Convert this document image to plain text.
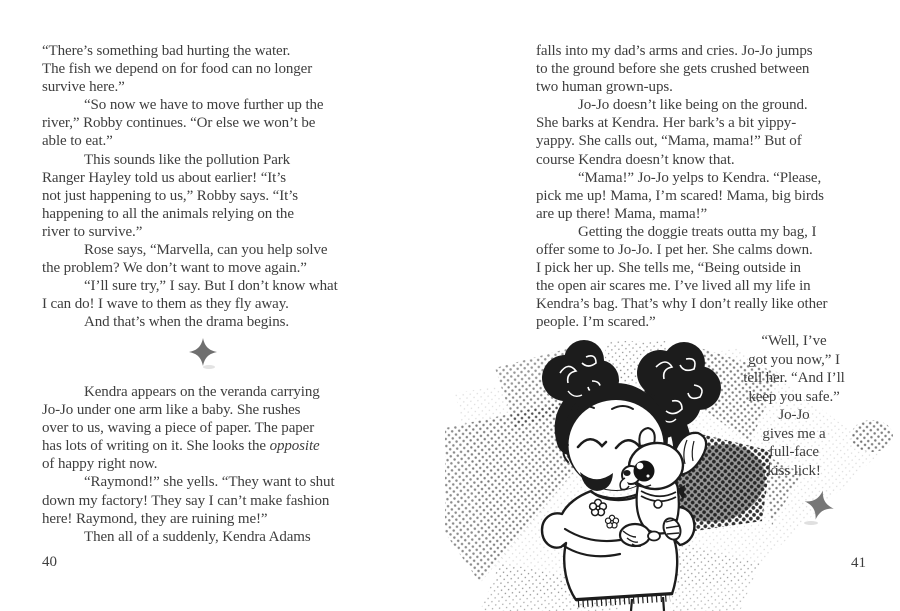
“There’s something bad hurting the water.
The fish we depend on for food can no longer
survive here.”
“So now we have to move further up the
river,” Robby continues. “Or else we won’t be
able to eat.”
This sounds like the pollution Park
Ranger Hayley told us about earlier! “It’s
not just happening to us,” Robby says. “It’s
happening to all the animals relying on the
river to survive.”
Rose says, “Marvella, can you help solve
the problem? We don’t want to move again.”
“I’ll sure try,” I say. But I don’t know what
I can do! I wave to them as they fly away.
And that’s when the drama begins.
Kendra appears on the veranda carrying
Jo-Jo under one arm like a baby. She rushes
over to us, waving a piece of paper. The paper
has lots of writing on it. She looks the opposite
of happy right now.
“Raymond!” she yells. “They want to shut
down my factory! They say I can’t make fashion
here! Raymond, they are ruining me!”
Then all of a suddenly, Kendra Adams
40
falls into my dad’s arms and cries. Jo-Jo jumps
to the ground before she gets crushed between
two human grown-ups.
Jo-Jo doesn’t like being on the ground.
She barks at Kendra. Her bark’s a bit yippy-
yappy. She calls out, “Mama, mama!” But of
course Kendra doesn’t know that.
“Mama!” Jo-Jo yelps to Kendra. “Please,
pick me up! Mama, I’m scared! Mama, big birds
are up there! Mama, mama!”
Getting the doggie treats outta my bag, I
offer some to Jo-Jo. I pet her. She calms down.
I pick her up. She tells me, “Being outside in
the open air scares me. I’ve lived all my life in
Kendra’s bag. That’s why I don’t really like other
people. I’m scared.”
“Well, I’ve
got you now,” I
tell her. “And I’ll
keep you safe.”
Jo-Jo
gives me a
full-face
kiss lick!
41
